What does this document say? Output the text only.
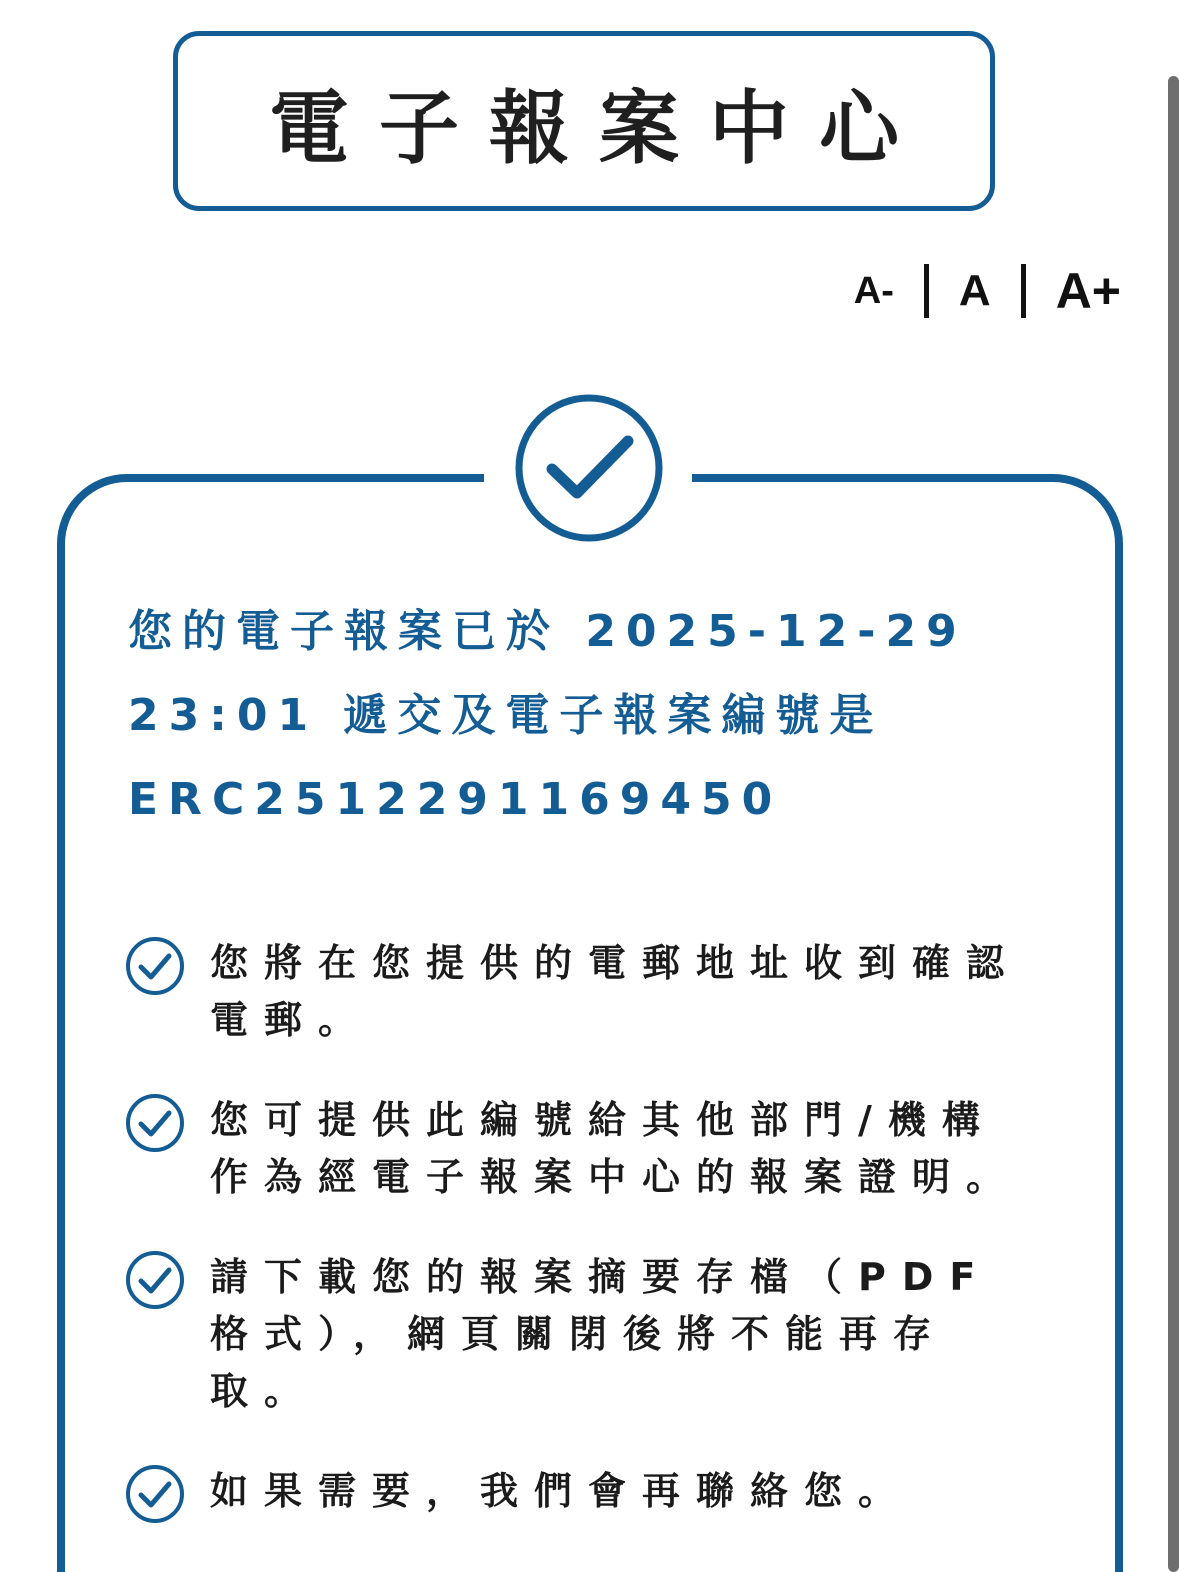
電子報案中心
A- A A+
您的電子報案已於 2025-12-29
23:01 遞交及電子報案編號是
ERC2512291169450
您將在您提供的電郵地址收到確認電郵。
您可提供此編號給其他部門/機構作為經電子報案中心的報案證明。
請下載您的報案摘要存檔（PDF格式），網頁關閉後將不能再存取。
如果需要，我們會再聯絡您。
